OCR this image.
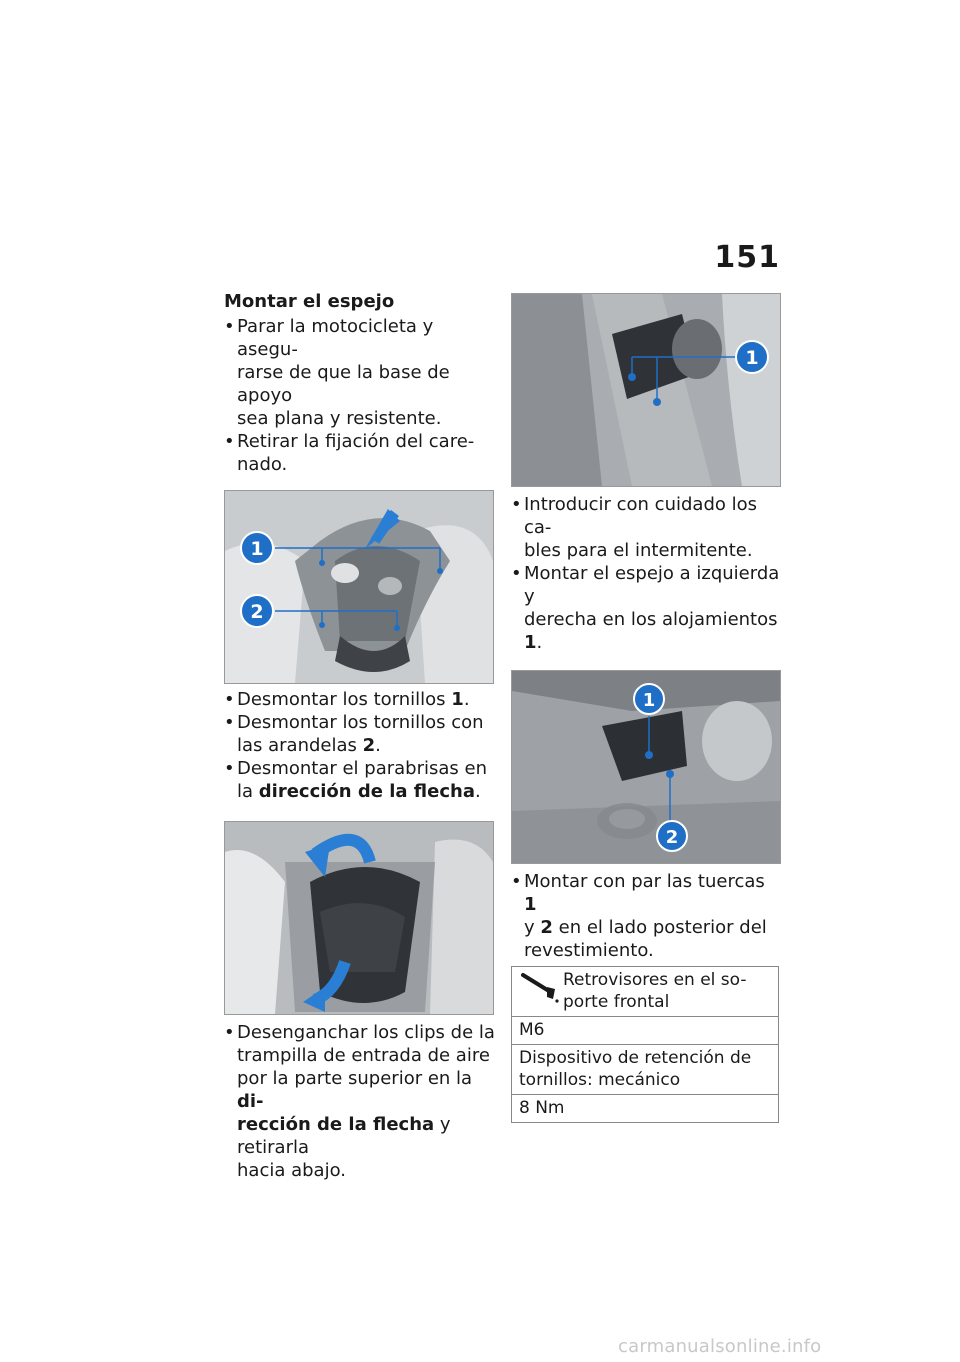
151
Montar el espejo
• Parar la motocicleta y asegu-
rarse de que la base de apoyo
sea plana y resistente.
• Retirar la fijación del care-
nado.
1
2
• Desmontar los tornillos 1.
• Desmontar los tornillos con
las arandelas 2.
• Desmontar el parabrisas en
la dirección de la flecha.
• Desenganchar los clips de la
trampilla de entrada de aire
por la parte superior en la di-
rección de la flecha y retirarla
hacia abajo.
1
• Introducir con cuidado los ca-
bles para el intermitente.
• Montar el espejo a izquierda y
derecha en los alojamientos 1.
1
2
• Montar con par las tuercas 1
y 2 en el lado posterior del
revestimiento.
Retrovisores en el so-
porte frontal

M6
Dispositivo de retención de
tornillos: mecánico
8 Nm
carmanualsonline.info
